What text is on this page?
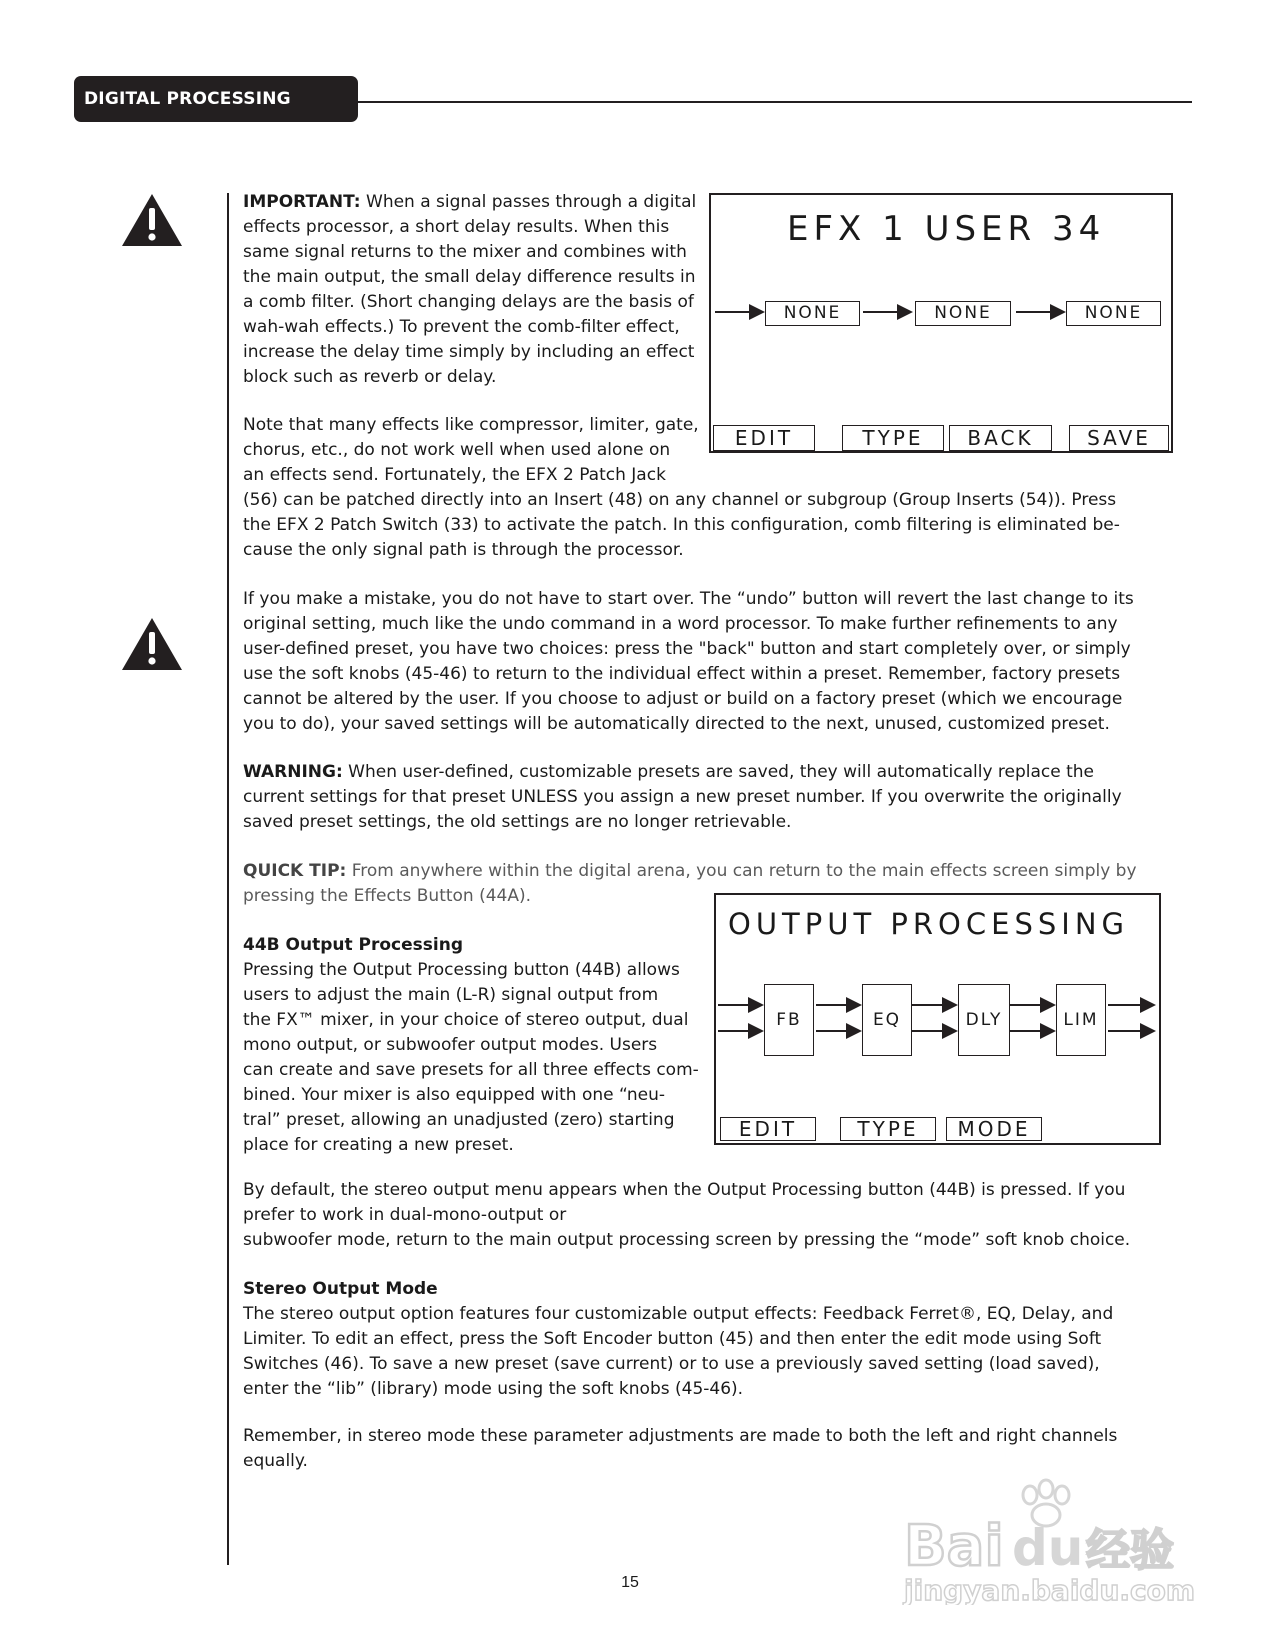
DIGITAL PROCESSING ARENA
IMPORTANT: When a signal passes through a digital
effects processor, a short delay results. When this
same signal returns to the mixer and combines with
the main output, the small delay difference results in
a comb filter. (Short changing delays are the basis of
wah-wah effects.) To prevent the comb-filter effect,
increase the delay time simply by including an effect
block such as reverb or delay.
Note that many effects like compressor, limiter, gate,
chorus, etc., do not work well when used alone on
an effects send. Fortunately, the EFX 2 Patch Jack
(56) can be patched directly into an Insert (48) on any channel or subgroup (Group Inserts (54)). Press
the EFX 2 Patch Switch (33) to activate the patch. In this configuration, comb filtering is eliminated be-
cause the only signal path is through the processor.
EFX 1 USER 34
NONE	NONE	NONE
EDIT	TYPE	BACK	SAVE
If you make a mistake, you do not have to start over. The “undo” button will revert the last change to its
original setting, much like the undo command in a word processor. To make further refinements to any
user-defined preset, you have two choices: press the "back" button and start completely over, or simply
use the soft knobs (45-46) to return to the individual effect within a preset. Remember, factory presets
cannot be altered by the user. If you choose to adjust or build on a factory preset (which we encourage
you to do), your saved settings will be automatically directed to the next, unused, customized preset.
WARNING: When user-defined, customizable presets are saved, they will automatically replace the
current settings for that preset UNLESS you assign a new preset number. If you overwrite the originally
saved preset settings, the old settings are no longer retrievable.
QUICK TIP: From anywhere within the digital arena, you can return to the main effects screen simply by
pressing the Effects Button (44A).
44B Output Processing
Pressing the Output Processing button (44B) allows
users to adjust the main (L-R) signal output from
the FX™ mixer, in your choice of stereo output, dual
mono output, or subwoofer output modes. Users
can create and save presets for all three effects com-
bined. Your mixer is also equipped with one “neu-
tral” preset, allowing an unadjusted (zero) starting
place for creating a new preset.
OUTPUT PROCESSING
FB	EQ	DLY	LIM
EDIT	TYPE	MODE
By default, the stereo output menu appears when the Output Processing button (44B) is pressed. If you
prefer to work in dual-mono-output or
subwoofer mode, return to the main output processing screen by pressing the “mode” soft knob choice.
Stereo Output Mode
The stereo output option features four customizable output effects: Feedback Ferret®, EQ, Delay, and
Limiter. To edit an effect, press the Soft Encoder button (45) and then enter the edit mode using Soft
Switches (46). To save a new preset (save current) or to use a previously saved setting (load saved),
enter the “lib” (library) mode using the soft knobs (45-46).
Remember, in stereo mode these parameter adjustments are made to both the left and right channels
equally.
15
Bai du 经验
jingyan.baidu.com
